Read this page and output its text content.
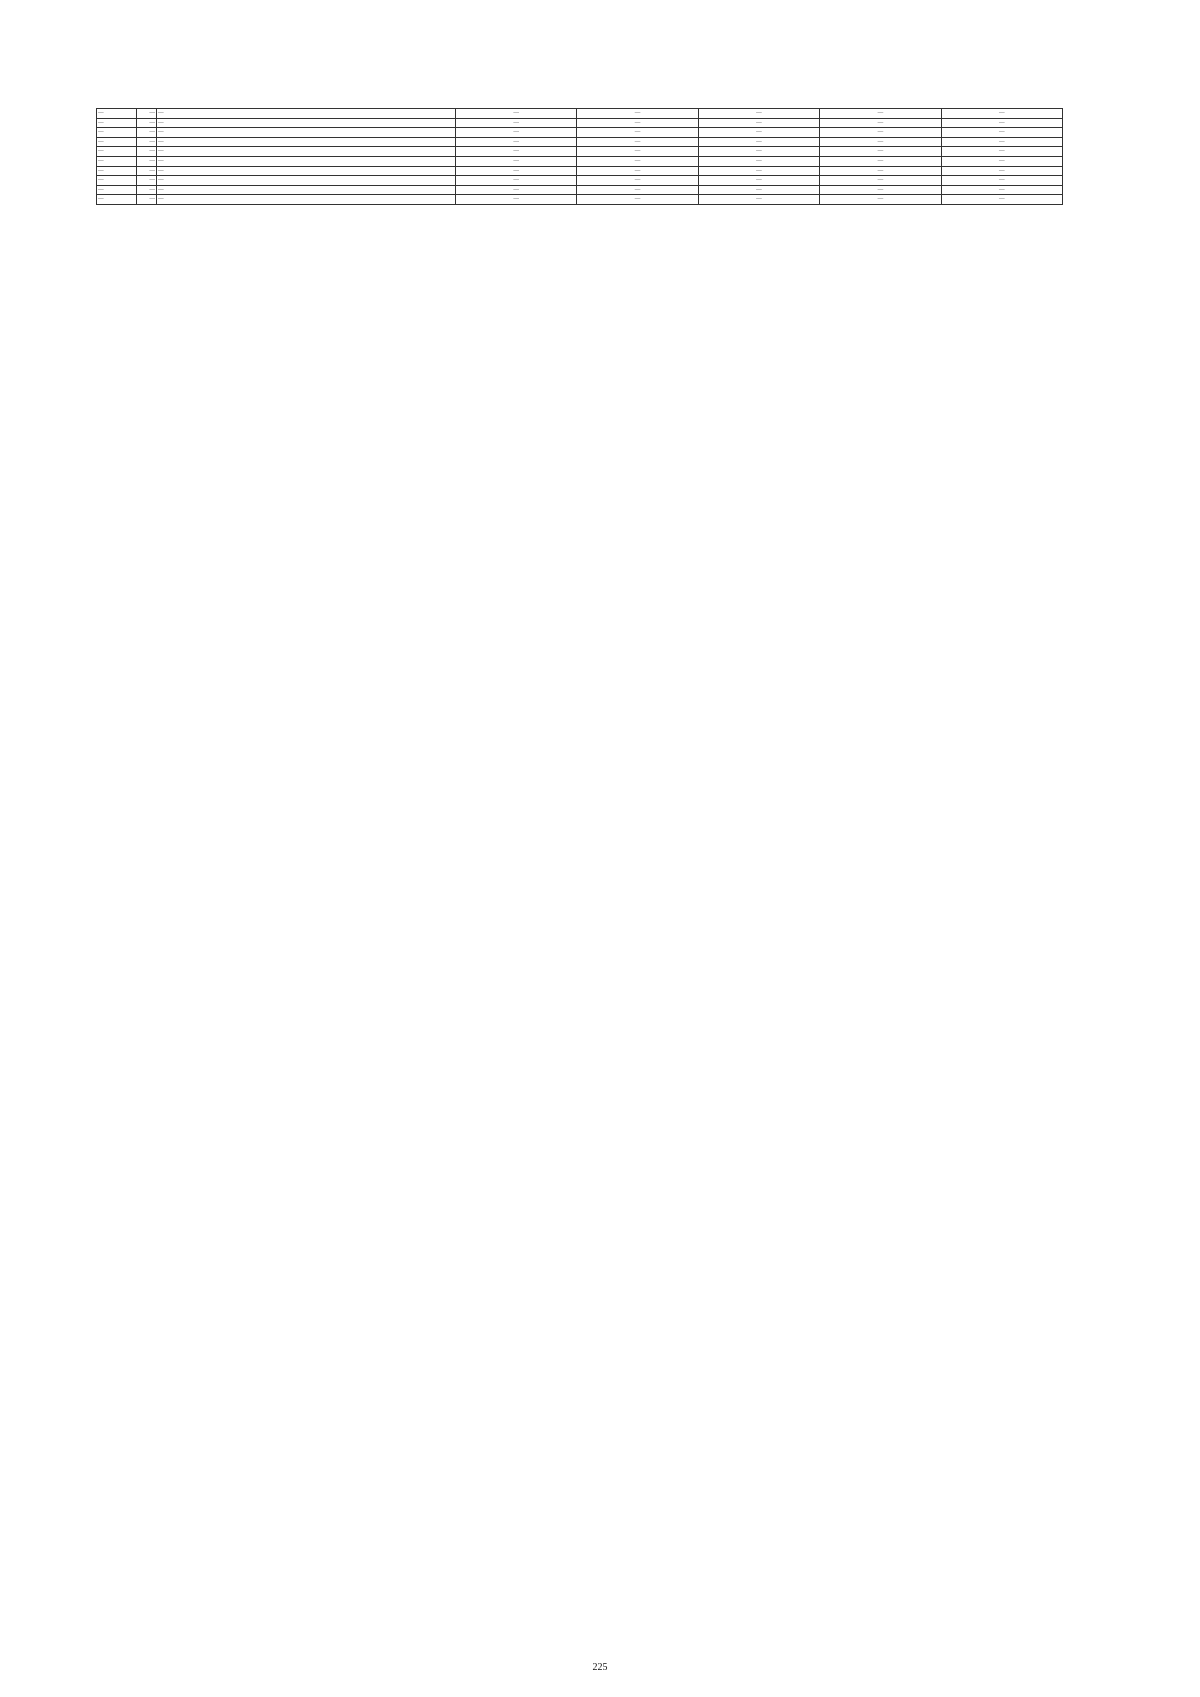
—	—	—	—	—	—	—	—
—	—	—	—	—	—	—	—
—	—	—	—	—	—	—	—
—	—	—	—	—	—	—	—
—	—	—	—	—	—	—	—
—	—	—	—	—	—	—	—
—	—	—	—	—	—	—	—
—	—	—	—	—	—	—	—
—	—	—	—	—	—	—	—
—	—	—	—	—	—	—	—
225
